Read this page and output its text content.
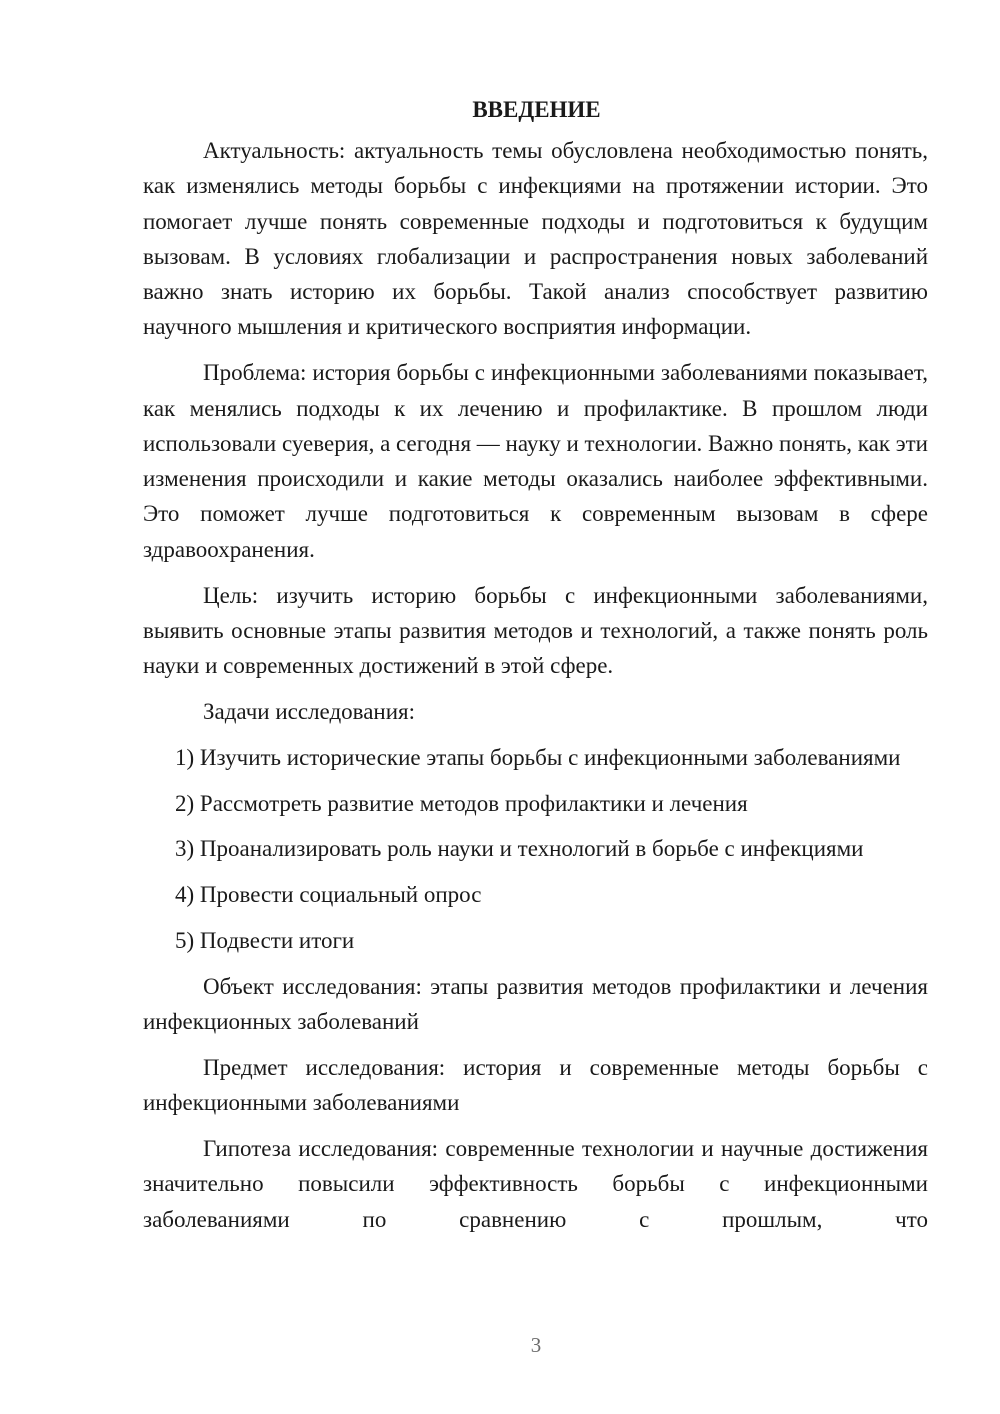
ВВЕДЕНИЕ

Актуальность: актуальность темы обусловлена необходимостью понять, как изменялись методы борьбы с инфекциями на протяжении истории. Это помогает лучше понять современные подходы и подготовиться к будущим вызовам. В условиях глобализации и распространения новых заболеваний важно знать историю их борьбы. Такой анализ способствует развитию научного мышления и критического восприятия информации.

Проблема: история борьбы с инфекционными заболеваниями показывает, как менялись подходы к их лечению и профилактике. В прошлом люди использовали суеверия, а сегодня — науку и технологии. Важно понять, как эти изменения происходили и какие методы оказались наиболее эффективными. Это поможет лучше подготовиться к современным вызовам в сфере здравоохранения.

Цель: изучить историю борьбы с инфекционными заболеваниями, выявить основные этапы развития методов и технологий, а также понять роль науки и современных достижений в этой сфере.

Задачи исследования:

1) Изучить исторические этапы борьбы с инфекционными заболеваниями

2) Рассмотреть развитие методов профилактики и лечения

3) Проанализировать роль науки и технологий в борьбе с инфекциями

4) Провести социальный опрос

5) Подвести итоги

Объект исследования: этапы развития методов профилактики и лечения инфекционных заболеваний

Предмет исследования: история и современные методы борьбы с инфекционными заболеваниями

Гипотеза исследования: современные технологии и научные достижения значительно повысили эффективность борьбы с инфекционными заболеваниями по сравнению с прошлым, что

3
